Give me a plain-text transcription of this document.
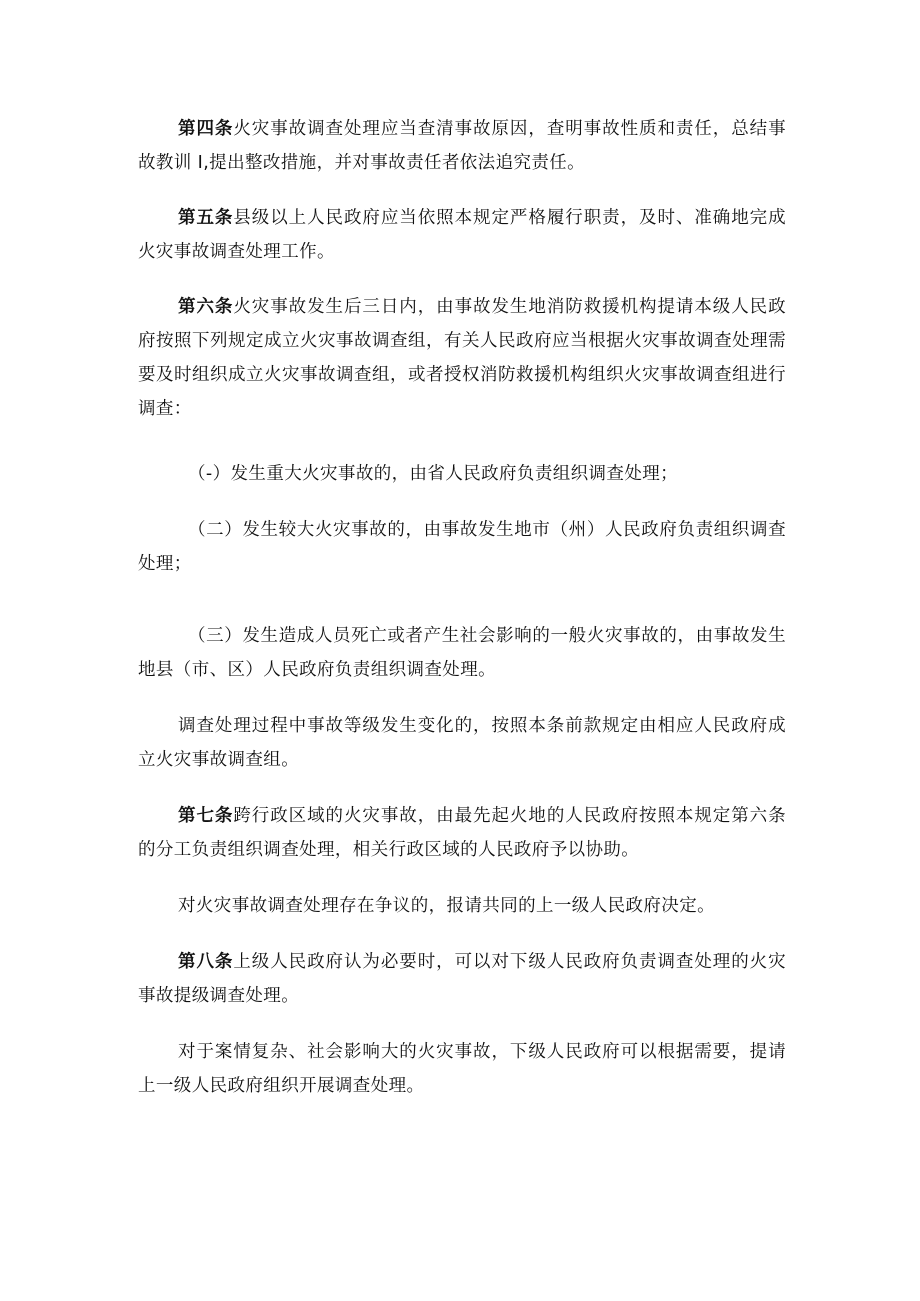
第四条火灾事故调查处理应当查清事故原因，查明事故性质和责任，总结事故教训 I,提出整改措施，并对事故责任者依法追究责任。

第五条县级以上人民政府应当依照本规定严格履行职责，及时、准确地完成火灾事故调查处理工作。

第六条火灾事故发生后三日内，由事故发生地消防救援机构提请本级人民政府按照下列规定成立火灾事故调查组，有关人民政府应当根据火灾事故调查处理需要及时组织成立火灾事故调查组，或者授权消防救援机构组织火灾事故调查组进行调查：

（-）发生重大火灾事故的，由省人民政府负责组织调查处理；

（二）发生较大火灾事故的，由事故发生地市（州）人民政府负责组织调查处理；

（三）发生造成人员死亡或者产生社会影响的一般火灾事故的，由事故发生地县（市、区）人民政府负责组织调查处理。

调查处理过程中事故等级发生变化的，按照本条前款规定由相应人民政府成立火灾事故调查组。

第七条跨行政区域的火灾事故，由最先起火地的人民政府按照本规定第六条的分工负责组织调查处理，相关行政区域的人民政府予以协助。

对火灾事故调查处理存在争议的，报请共同的上一级人民政府决定。

第八条上级人民政府认为必要时，可以对下级人民政府负责调查处理的火灾事故提级调查处理。

对于案情复杂、社会影响大的火灾事故，下级人民政府可以根据需要，提请上一级人民政府组织开展调查处理。
